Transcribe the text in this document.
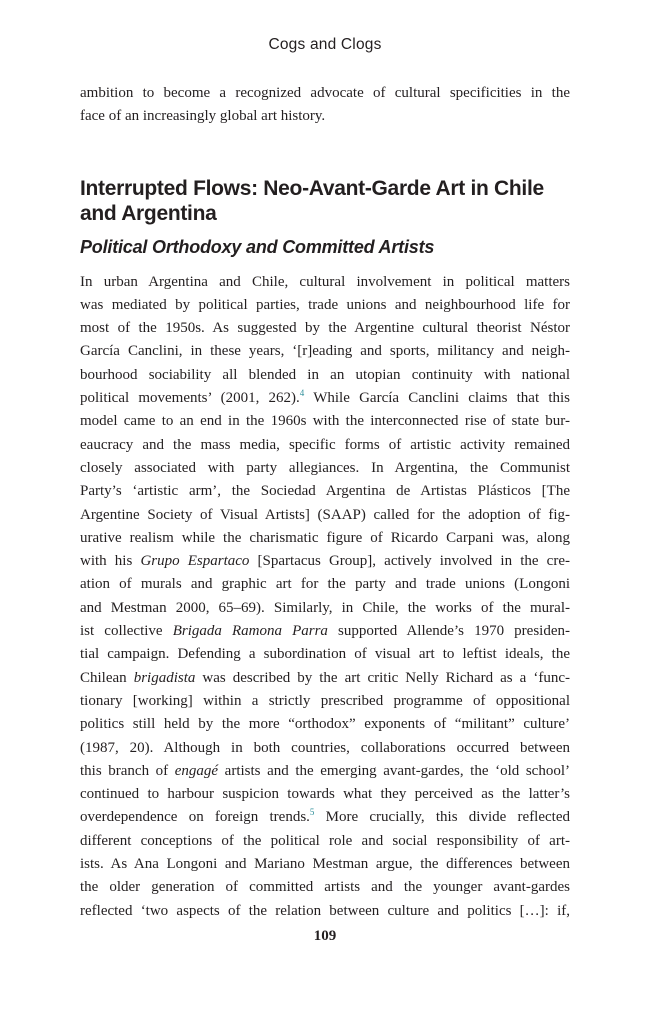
Cogs and Clogs

ambition to become a recognized advocate of cultural specificities in the
face of an increasingly global art history.

Interrupted Flows: Neo-Avant-Garde Art in Chile
and Argentina
Political Orthodoxy and Committed Artists

In urban Argentina and Chile, cultural involvement in political matters
was mediated by political parties, trade unions and neighbourhood life for
most of the 1950s. As suggested by the Argentine cultural theorist Néstor
García Canclini, in these years, ‘[r]eading and sports, militancy and neigh-
bourhood sociability all blended in an utopian continuity with national
political movements’ (2001, 262).$^4$ While García Canclini claims that this
model came to an end in the 1960s with the interconnected rise of state bur-
eaucracy and the mass media, specific forms of artistic activity remained
closely associated with party allegiances. In Argentina, the Communist
Party’s ‘artistic arm’, the Sociedad Argentina de Artistas Plásticos [The
Argentine Society of Visual Artists] (SAAP) called for the adoption of fig-
urative realism while the charismatic figure of Ricardo Carpani was, along
with his Grupo Espartaco [Spartacus Group], actively involved in the cre-
ation of murals and graphic art for the party and trade unions (Longoni
and Mestman 2000, 65–69). Similarly, in Chile, the works of the mural-
ist collective Brigada Ramona Parra supported Allende’s 1970 presiden-
tial campaign. Defending a subordination of visual art to leftist ideals, the
Chilean brigadista was described by the art critic Nelly Richard as a ‘func-
tionary [working] within a strictly prescribed programme of oppositional
politics still held by the more “orthodox” exponents of “militant” culture’
(1987, 20). Although in both countries, collaborations occurred between
this branch of engagé artists and the emerging avant-gardes, the ‘old school’
continued to harbour suspicion towards what they perceived as the latter’s
overdependence on foreign trends.$^5$ More crucially, this divide reflected
different conceptions of the political role and social responsibility of art-
ists. As Ana Longoni and Mariano Mestman argue, the differences between
the older generation of committed artists and the younger avant-gardes
reflected ‘two aspects of the relation between culture and politics […]: if,

109
